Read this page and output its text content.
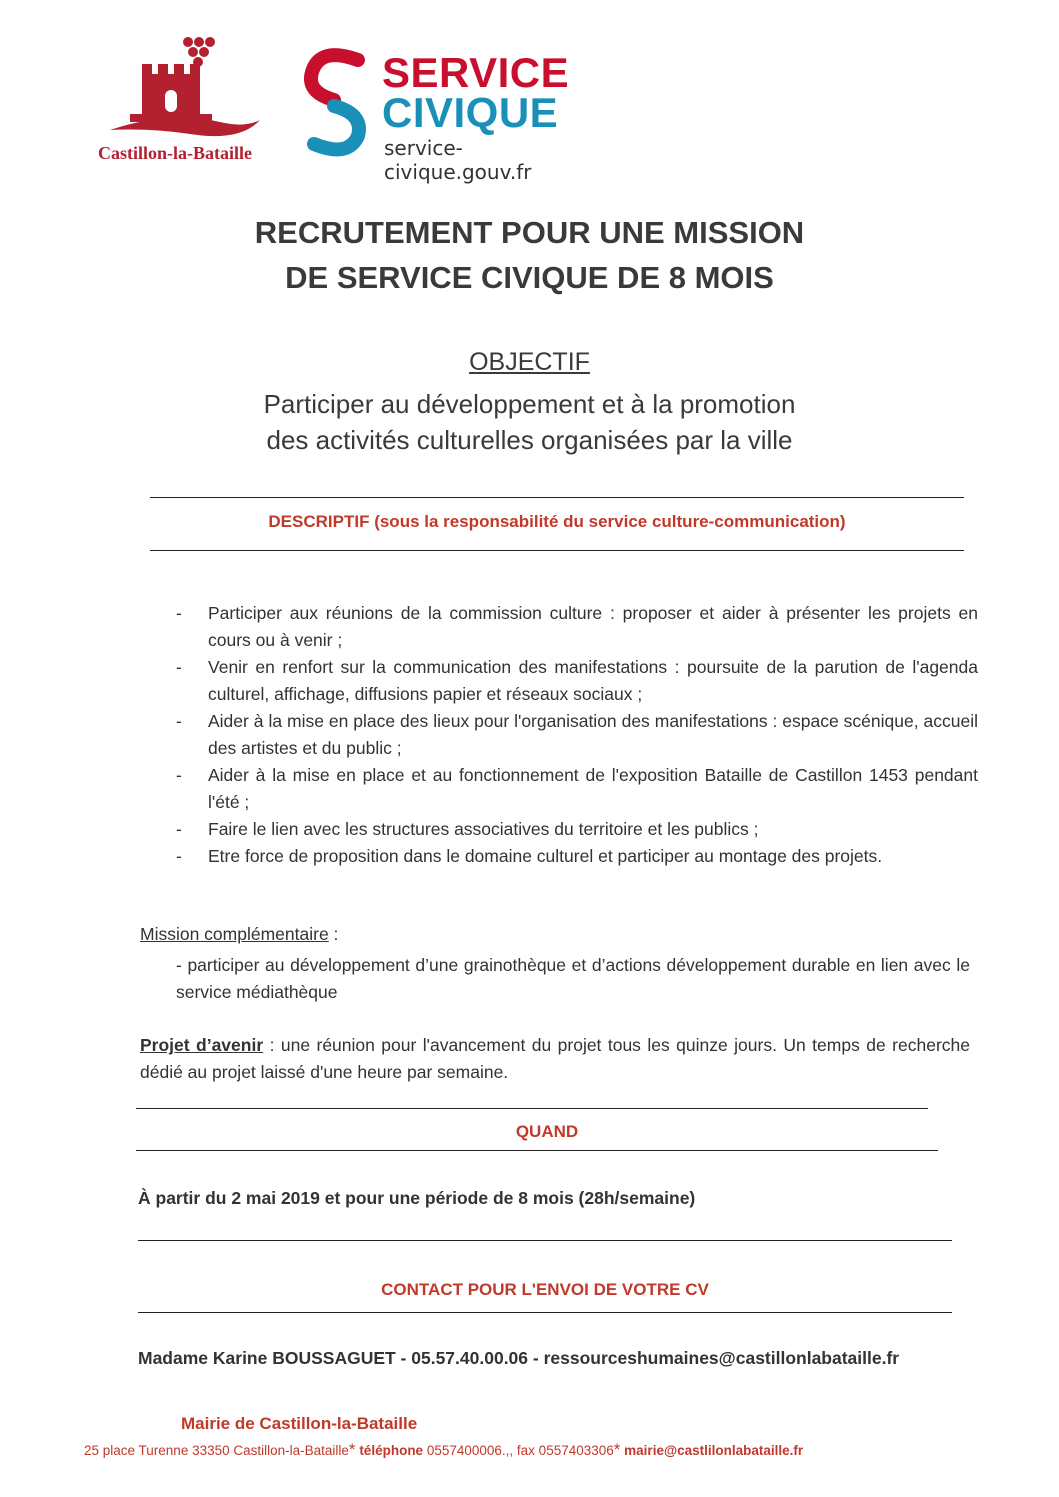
Castillon-la-Bataille
SERVICE
CIVIQUE
service-civique.gouv.fr
RECRUTEMENT POUR UNE MISSION
DE SERVICE CIVIQUE DE 8 MOIS
OBJECTIF
Participer au développement et à la promotion
des activités culturelles organisées par la ville
DESCRIPTIF (sous la responsabilité du service culture-communication)
- Participer aux réunions de la commission culture : proposer et aider à présenter les projets en cours ou à venir ;
- Venir en renfort sur la communication des manifestations : poursuite de la parution de l'agenda culturel, affichage, diffusions papier et réseaux sociaux ;
- Aider à la mise en place des lieux pour l'organisation des manifestations : espace scénique, accueil des artistes et du public ;
- Aider à la mise en place et au fonctionnement de l'exposition Bataille de Castillon 1453 pendant l'été ;
- Faire le lien avec les structures associatives du territoire et les publics ;
- Etre force de proposition dans le domaine culturel et participer au montage des projets.
Mission complémentaire :
- participer au développement d’une grainothèque et d’actions développement durable en lien avec le service médiathèque
Projet d’avenir : une réunion pour l'avancement du projet tous les quinze jours. Un temps de recherche dédié au projet laissé d'une heure par semaine.
QUAND
À partir du 2 mai 2019 et pour une période de 8 mois (28h/semaine)
CONTACT POUR L'ENVOI DE VOTRE CV
Madame Karine BOUSSAGUET - 05.57.40.00.06 - ressourceshumaines@castillonlabataille.fr
Mairie de Castillon-la-Bataille
25 place Turenne 33350 Castillon-la-Bataille* téléphone 0557400006.,, fax 0557403306* mairie@castlilonlabataille.fr
